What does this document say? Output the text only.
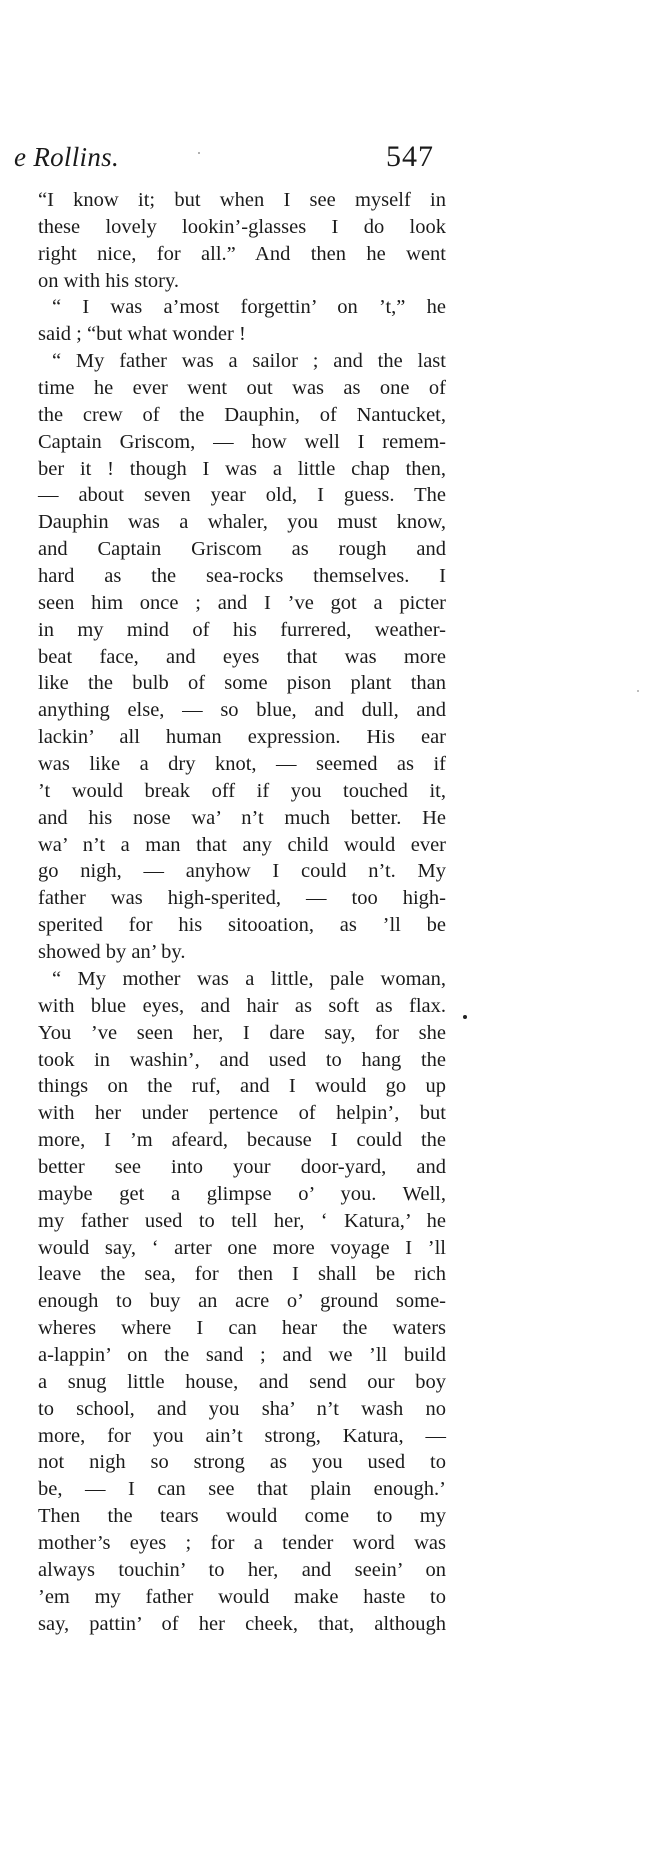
e Rollins.	547
“I know it; but when I see myself in
these lovely lookin’-glasses I do look
right nice, for all.” And then he went
on with his story.
“ I was a’most forgettin’ on ’t,” he
said ; “but what wonder !
“ My father was a sailor ; and the last
time he ever went out was as one of
the crew of the Dauphin, of Nantucket,
Captain Griscom, — how well I remem-
ber it ! though I was a little chap then,
— about seven year old, I guess. The
Dauphin was a whaler, you must know,
and Captain Griscom as rough and
hard as the sea-rocks themselves. I
seen him once ; and I ’ve got a picter
in my mind of his furrered, weather-
beat face, and eyes that was more
like the bulb of some pison plant than
anything else, — so blue, and dull, and
lackin’ all human expression. His ear
was like a dry knot, — seemed as if
’t would break off if you touched it,
and his nose wa’ n’t much better. He
wa’ n’t a man that any child would ever
go nigh, — anyhow I could n’t. My
father was high-sperited, — too high-
sperited for his sitooation, as ’ll be
showed by an’ by.
“ My mother was a little, pale woman,
with blue eyes, and hair as soft as flax.
You ’ve seen her, I dare say, for she
took in washin’, and used to hang the
things on the ruf, and I would go up
with her under pertence of helpin’, but
more, I ’m afeard, because I could the
better see into your door-yard, and
maybe get a glimpse o’ you. Well,
my father used to tell her, ‘ Katura,’ he
would say, ‘ arter one more voyage I ’ll
leave the sea, for then I shall be rich
enough to buy an acre o’ ground some-
wheres where I can hear the waters
a-lappin’ on the sand ; and we ’ll build
a snug little house, and send our boy
to school, and you sha’ n’t wash no
more, for you ain’t strong, Katura, —
not nigh so strong as you used to
be, — I can see that plain enough.’
Then the tears would come to my
mother’s eyes ; for a tender word was
always touchin’ to her, and seein’ on
’em my father would make haste to
say, pattin’ of her cheek, that, although
